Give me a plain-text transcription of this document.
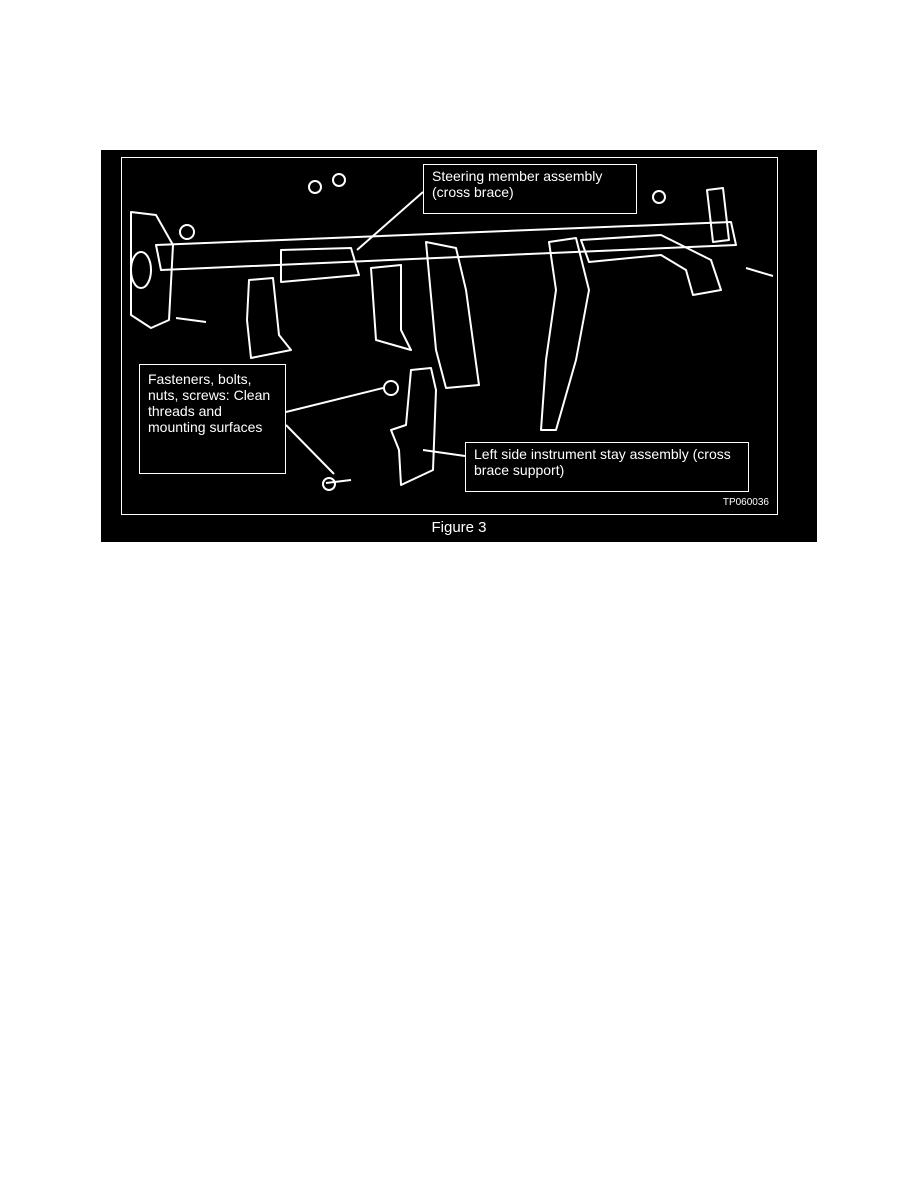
Steering member assembly (cross brace)
Fasteners, bolts, nuts, screws: Clean threads and mounting surfaces
Left side instrument stay assembly (cross brace support)
TP060036
Figure 3
